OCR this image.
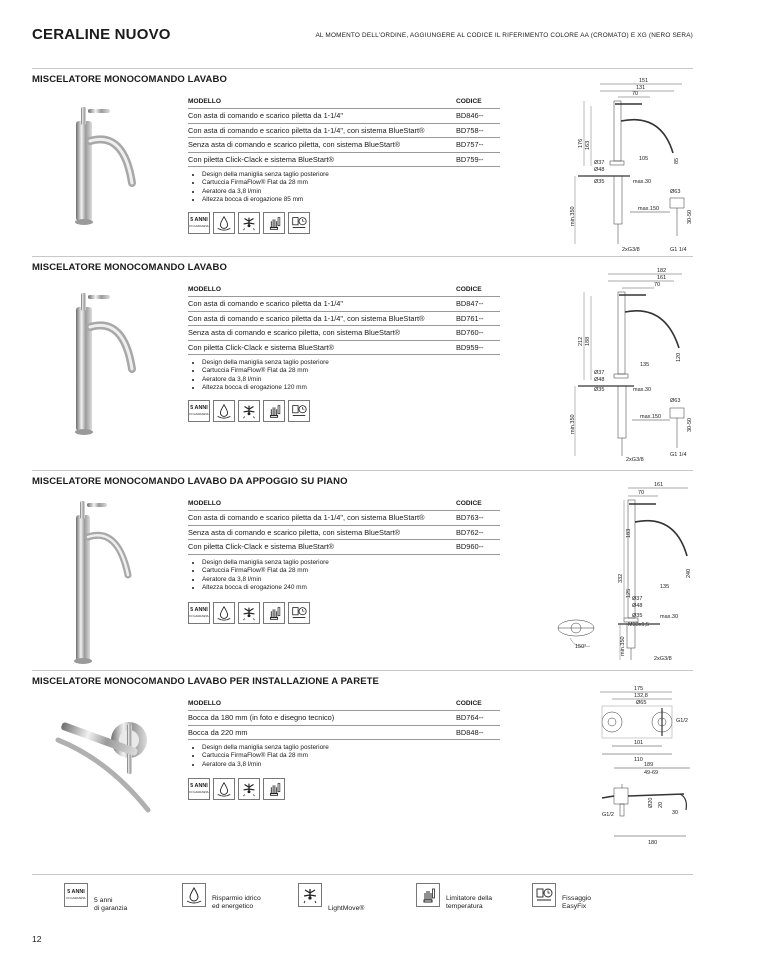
CERALINE NUOVO	AL MOMENTO DELL'ORDINE, AGGIUNGERE AL CODICE IL RIFERIMENTO COLORE AA (CROMATO) E XG (NERO SERA)
MISCELATORE MONOCOMANDO LAVABO
MODELLO	CODICE
Con asta di comando e scarico piletta da 1-1/4"	BD846--
Con asta di comando e scarico piletta da 1-1/4", con sistema BlueStart®	BD758--
Senza asta di comando e scarico piletta, con sistema BlueStart®	BD757--
Con piletta Click-Clack e sistema BlueStart®	BD759--
• Design della maniglia senza taglio posteriore
• Cartuccia FirmaFlow® Flat da 28 mm
• Aeratore da 3,8 l/min
• Altezza bocca di erogazione 85 mm
5 ANNI
DI GARANZIA
151
131
70
176 163
Ø37
Ø48
105	85
Ø35	max.30
Ø63
max.150
30-50
min.350
2xG3/8	G1 1/4
MISCELATORE MONOCOMANDO LAVABO
MODELLO	CODICE
Con asta di comando e scarico piletta da 1-1/4"	BD847--
Con asta di comando e scarico piletta da 1-1/4", con sistema BlueStart®	BD761--
Senza asta di comando e scarico piletta, con sistema BlueStart®	BD760--
Con piletta Click-Clack e sistema BlueStart®	BD959--
• Design della maniglia senza taglio posteriore
• Cartuccia FirmaFlow® Flat da 28 mm
• Aeratore da 3,8 l/min
• Altezza bocca di erogazione 120 mm
5 ANNI
DI GARANZIA
182
161
70
212 188
Ø37
Ø48
135
120
Ø35	max.30
Ø63
max.150
30-50
min.350
2xG3/8
G1 1/4
MISCELATORE MONOCOMANDO LAVABO DA APPOGGIO SU PIANO
MODELLO	CODICE
Con asta di comando e scarico piletta da 1-1/4", con sistema BlueStart®	BD763--
Senza asta di comando e scarico piletta, con sistema BlueStart®	BD762--
Con piletta Click-Clack e sistema BlueStart®	BD960--
• Design della maniglia senza taglio posteriore
• Cartuccia FirmaFlow® Flat da 28 mm
• Aeratore da 3,8 l/min
• Altezza bocca di erogazione 240 mm
5 ANNI
DI GARANZIA
161
70
332
183
125
240
135
Ø37
Ø48
Ø35
M33x1,5
max.30
min.350
2xG3/8
150°
MISCELATORE MONOCOMANDO LAVABO PER INSTALLAZIONE A PARETE
MODELLO	CODICE
Bocca da 180 mm (in foto e disegno tecnico)	BD764--
Bocca da 220 mm	BD848--
• Design della maniglia senza taglio posteriore
• Cartuccia FirmaFlow® Flat da 28 mm
• Aeratore da 3,8 l/min
5 ANNI
DI GARANZIA
175
132,8
Ø65
G1/2
101
110
189
49-69
Ø20 20
30
G1/2
180
5 ANNI
DI GARANZIA 5 anni
di garanzia
Risparmio idrico
ed energetico	LightMove®
Limitatore della
temperatura
Fissaggio
EasyFix
12
